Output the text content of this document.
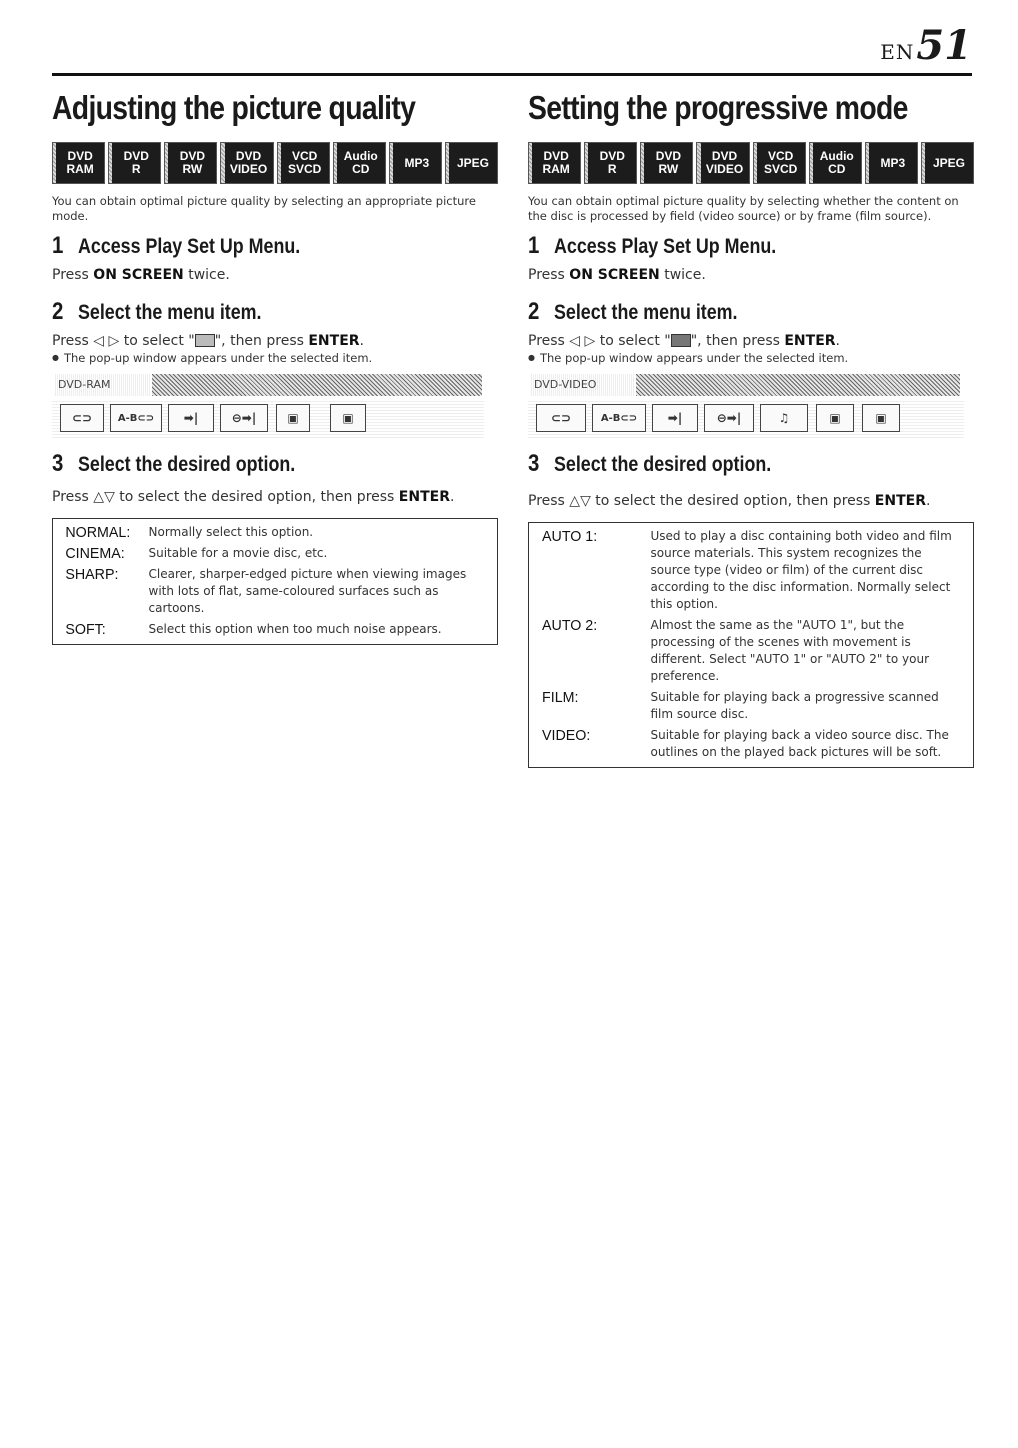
EN51
Adjusting the picture quality
DVD
RAM
DVD
R
DVD
RW
DVD
VIDEO
VCD
SVCD
Audio
CD	MP3	JPEG

You can obtain optimal picture quality by selecting an appropriate picture mode.

1 Access Play Set Up Menu.
Press ON SCREEN twice.
2 Select the menu item.
Press ◁ ▷ to select " ", then press ENTER.
● The pop-up window appears under the selected item.
DVD-RAM
⊂⊃	A-B⊂⊃	➡|	⊖➡|	▣	▣
3 Select the desired option.
Press △▽ to select the desired option, then press ENTER.
NORMAL:	Normally select this option.
CINEMA:	Suitable for a movie disc, etc.
SHARP:	Clearer, sharper-edged picture when viewing images with lots of flat, same-coloured surfaces such as cartoons.
SOFT:	Select this option when too much noise appears.
Setting the progressive mode
DVD
RAM
DVD
R
DVD
RW
DVD
VIDEO
VCD
SVCD
Audio
CD	MP3	JPEG

You can obtain optimal picture quality by selecting whether the content on the disc is processed by field (video source) or by frame (film source).

1 Access Play Set Up Menu.
Press ON SCREEN twice.
2 Select the menu item.
Press ◁ ▷ to select " ", then press ENTER.
● The pop-up window appears under the selected item.
DVD-VIDEO
⊂⊃	A-B⊂⊃	➡|	⊖➡|	♫	▣	▣
3 Select the desired option.
Press △▽ to select the desired option, then press ENTER.
AUTO 1:	Used to play a disc containing both video and film source materials. This system recognizes the source type (video or film) of the current disc according to the disc information. Normally select this option.
AUTO 2:	Almost the same as the "AUTO 1", but the processing of the scenes with movement is different. Select "AUTO 1" or "AUTO 2" to your preference.
FILM:	Suitable for playing back a progressive scanned film source disc.
VIDEO:	Suitable for playing back a video source disc. The outlines on the played back pictures will be soft.
